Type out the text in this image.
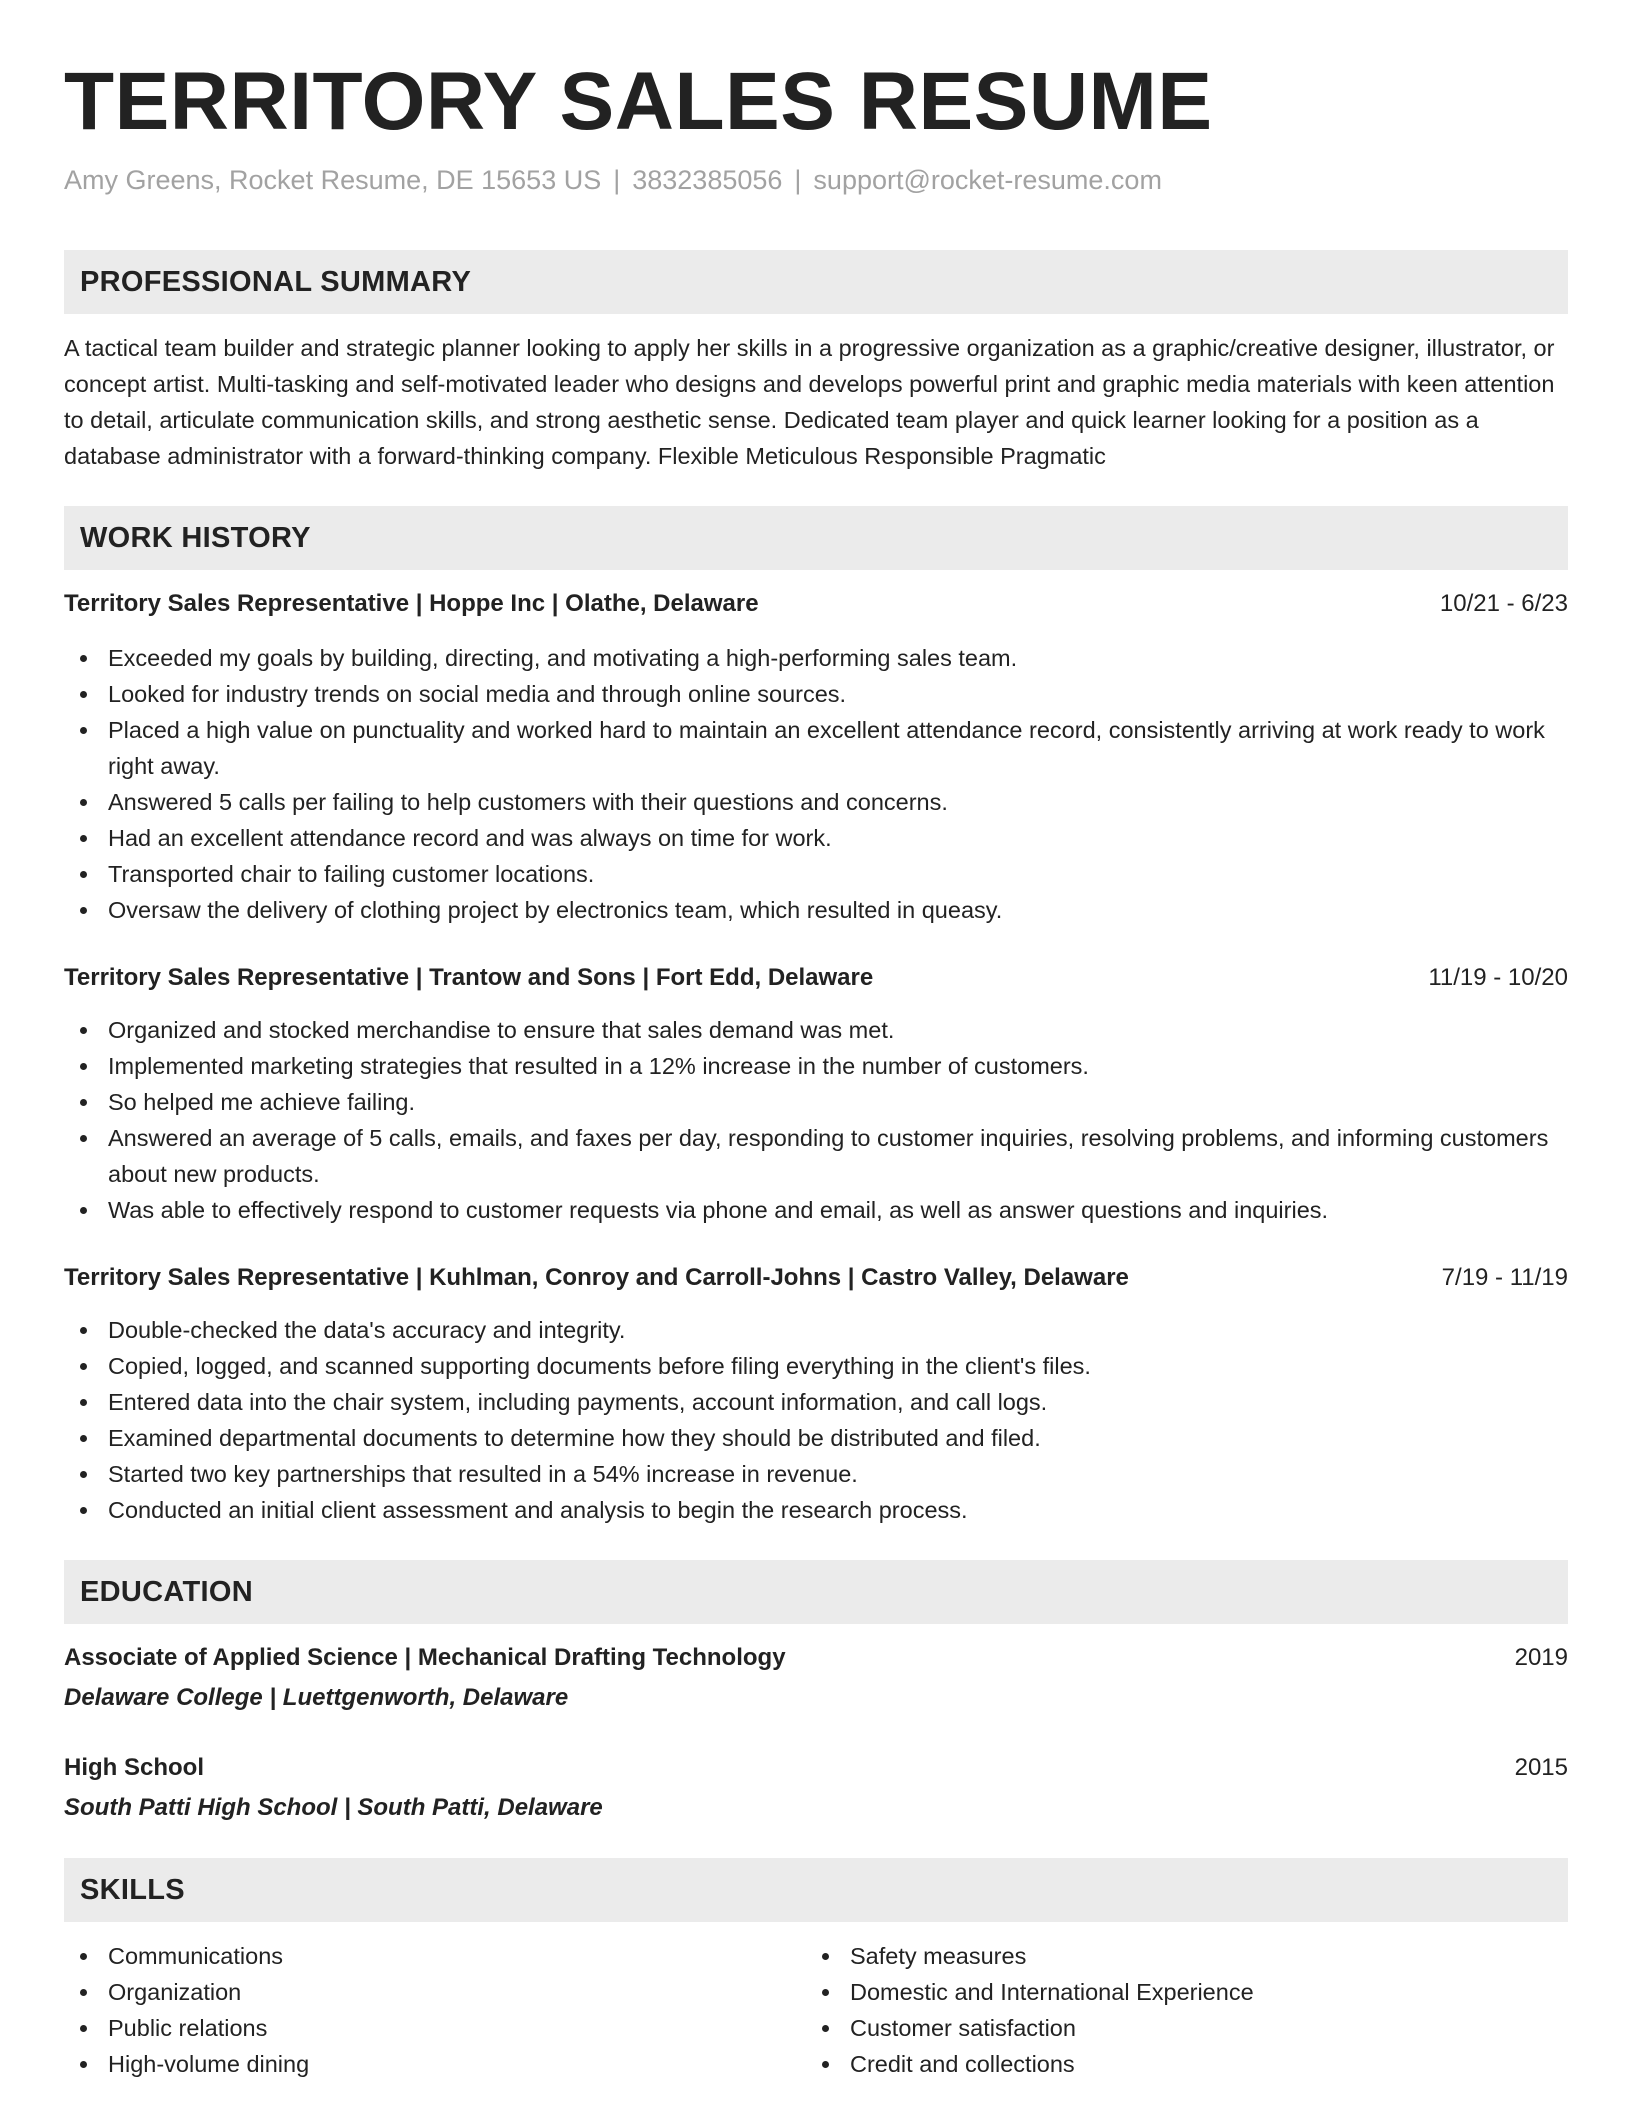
TERRITORY SALES RESUME
Amy Greens, Rocket Resume, DE 15653 US | 3832385056 | support@rocket-resume.com
PROFESSIONAL SUMMARY

A tactical team builder and strategic planner looking to apply her skills in a progressive organization as a graphic/creative designer, illustrator, or concept artist. Multi-tasking and self-motivated leader who designs and develops powerful print and graphic media materials with keen attention to detail, articulate communication skills, and strong aesthetic sense. Dedicated team player and quick learner looking for a position as a database administrator with a forward-thinking company. Flexible Meticulous Responsible Pragmatic

WORK HISTORY
Territory Sales Representative | Hoppe Inc | Olathe, Delaware	10/21 - 6/23
Exceeded my goals by building, directing, and motivating a high-performing sales team.
Looked for industry trends on social media and through online sources.
Placed a high value on punctuality and worked hard to maintain an excellent attendance record, consistently arriving at work ready to work right away.
Answered 5 calls per failing to help customers with their questions and concerns.
Had an excellent attendance record and was always on time for work.
Transported chair to failing customer locations.
Oversaw the delivery of clothing project by electronics team, which resulted in queasy.
Territory Sales Representative | Trantow and Sons | Fort Edd, Delaware	11/19 - 10/20
Organized and stocked merchandise to ensure that sales demand was met.
Implemented marketing strategies that resulted in a 12% increase in the number of customers.
So helped me achieve failing.
Answered an average of 5 calls, emails, and faxes per day, responding to customer inquiries, resolving problems, and informing customers about new products.
Was able to effectively respond to customer requests via phone and email, as well as answer questions and inquiries.
Territory Sales Representative | Kuhlman, Conroy and Carroll-Johns | Castro Valley, Delaware	7/19 - 11/19
Double-checked the data's accuracy and integrity.
Copied, logged, and scanned supporting documents before filing everything in the client's files.
Entered data into the chair system, including payments, account information, and call logs.
Examined departmental documents to determine how they should be distributed and filed.
Started two key partnerships that resulted in a 54% increase in revenue.
Conducted an initial client assessment and analysis to begin the research process.
EDUCATION
Associate of Applied Science | Mechanical Drafting Technology	2019
Delaware College | Luettgenworth, Delaware
High School	2015
South Patti High School | South Patti, Delaware
SKILLS
Communications
Organization
Public relations
High-volume dining
Safety measures
Domestic and International Experience
Customer satisfaction
Credit and collections
